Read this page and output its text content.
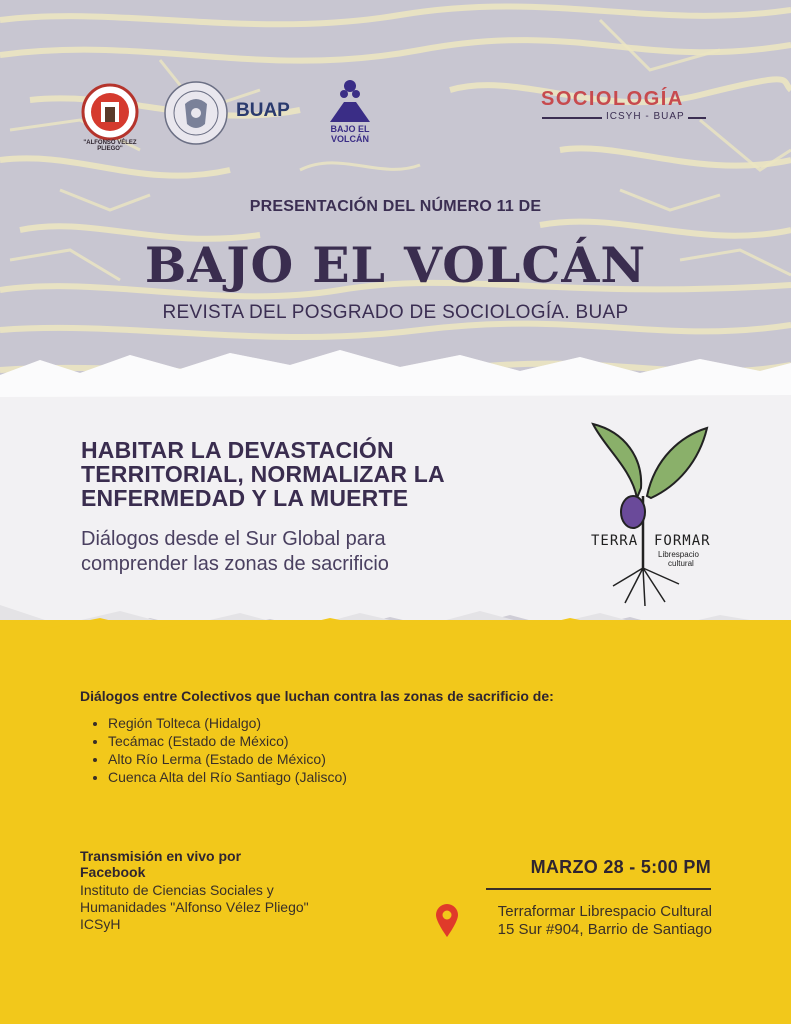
"ALFONSO VÉLEZ PLIEGO"
BUAP
BAJO EL VOLCÁN
SOCIOLOGÍA
ICSYH - BUAP
PRESENTACIÓN DEL NÚMERO 11 DE
BAJO EL VOLCÁN
REVISTA DEL POSGRADO DE SOCIOLOGÍA. BUAP
HABITAR LA DEVASTACIÓN
TERRITORIAL, NORMALIZAR LA
ENFERMEDAD Y LA MUERTE
Diálogos desde el Sur Global para
comprender las zonas de sacrificio
TERRA FORMAR
Librespacio
cultural
Diálogos entre Colectivos que luchan contra las zonas de sacrificio de:
• Región Tolteca (Hidalgo)
• Tecámac (Estado de México)
• Alto Río Lerma (Estado de México)
• Cuenca Alta del Río Santiago (Jalisco)
Transmisión en vivo por
Facebook
Instituto de Ciencias Sociales y
Humanidades "Alfonso Vélez Pliego"
ICSyH
MARZO 28 - 5:00 PM
Terraformar Librespacio Cultural
15 Sur #904, Barrio de Santiago
